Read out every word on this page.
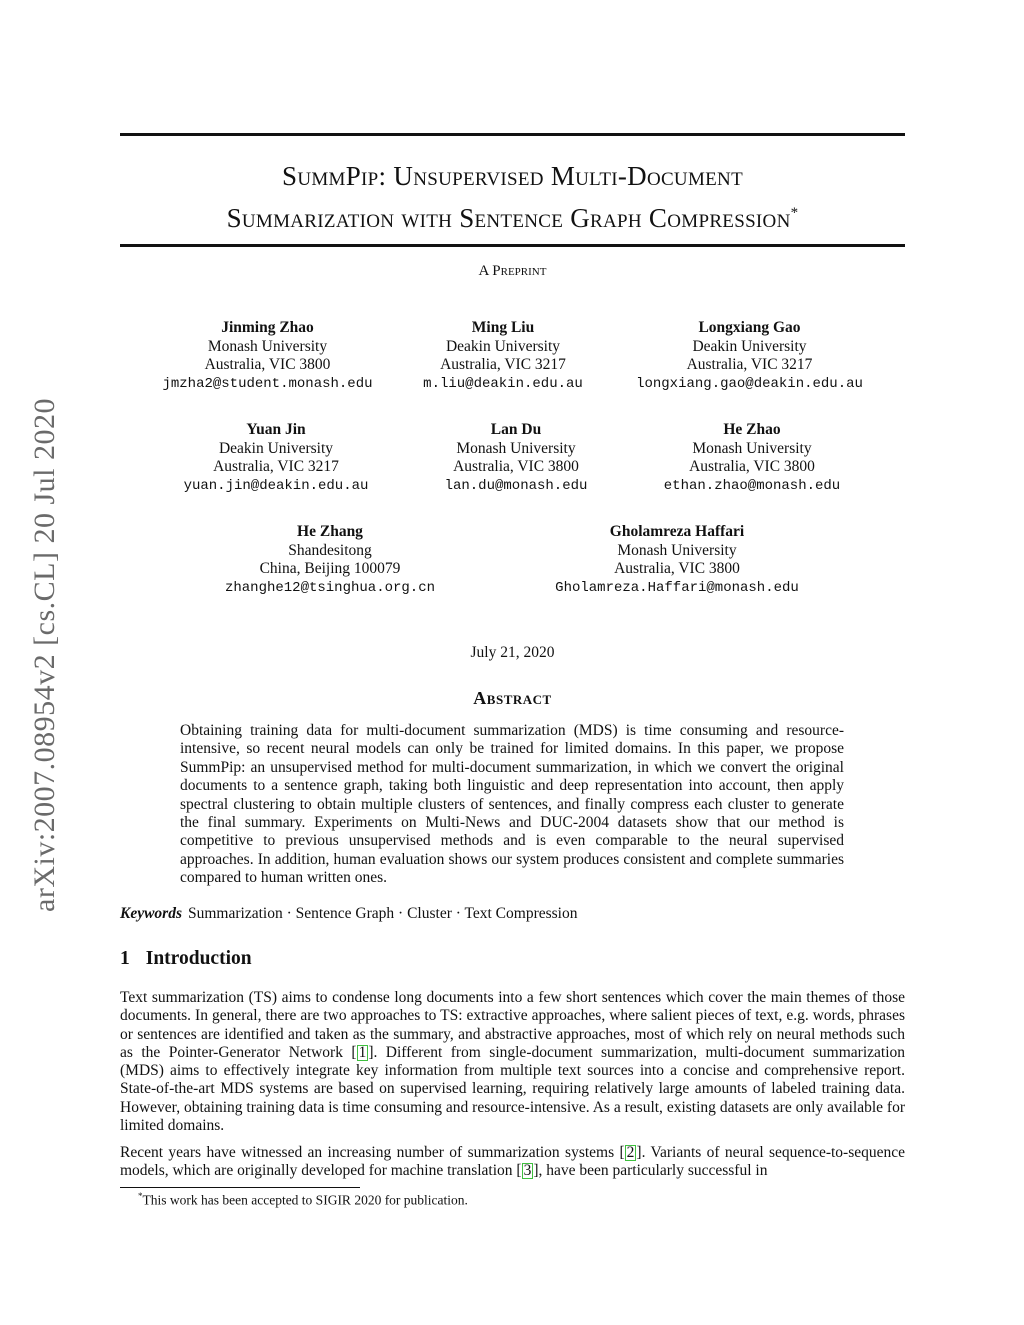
arXiv:2007.08954v2 [cs.CL] 20 Jul 2020
SummPip: Unsupervised Multi-Document
Summarization with Sentence Graph Compression*
A Preprint
Jinming Zhao
Monash University
Australia, VIC 3800
jmzha2@student.monash.edu
Ming Liu
Deakin University
Australia, VIC 3217
m.liu@deakin.edu.au
Longxiang Gao
Deakin University
Australia, VIC 3217
longxiang.gao@deakin.edu.au
Yuan Jin
Deakin University
Australia, VIC 3217
yuan.jin@deakin.edu.au
Lan Du
Monash University
Australia, VIC 3800
lan.du@monash.edu
He Zhao
Monash University
Australia, VIC 3800
ethan.zhao@monash.edu
He Zhang
Shandesitong
China, Beijing 100079
zhanghe12@tsinghua.org.cn
Gholamreza Haffari
Monash University
Australia, VIC 3800
Gholamreza.Haffari@monash.edu
July 21, 2020
Abstract
Obtaining training data for multi-document summarization (MDS) is time consuming and resource-intensive, so recent neural models can only be trained for limited domains. In this paper, we propose SummPip: an unsupervised method for multi-document summarization, in which we convert the original documents to a sentence graph, taking both linguistic and deep representation into account, then apply spectral clustering to obtain multiple clusters of sentences, and finally compress each cluster to generate the final summary. Experiments on Multi-News and DUC-2004 datasets show that our method is competitive to previous unsupervised methods and is even comparable to the neural supervised approaches. In addition, human evaluation shows our system produces consistent and complete summaries compared to human written ones.
Keywords Summarization · Sentence Graph · Cluster · Text Compression
1 Introduction
Text summarization (TS) aims to condense long documents into a few short sentences which cover the main themes of those documents. In general, there are two approaches to TS: extractive approaches, where salient pieces of text, e.g. words, phrases or sentences are identified and taken as the summary, and abstractive approaches, most of which rely on neural methods such as the Pointer-Generator Network [ 1 ]. Different from single-document summarization, multi-document summarization (MDS) aims to effectively integrate key information from multiple text sources into a concise and comprehensive report. State-of-the-art MDS systems are based on supervised learning, requiring relatively large amounts of labeled training data. However, obtaining training data is time consuming and resource-intensive. As a result, existing datasets are only available for limited domains.
Recent years have witnessed an increasing number of summarization systems [ 2 ]. Variants of neural sequence-to-sequence models, which are originally developed for machine translation [ 3 ], have been particularly successful in
*This work has been accepted to SIGIR 2020 for publication.
